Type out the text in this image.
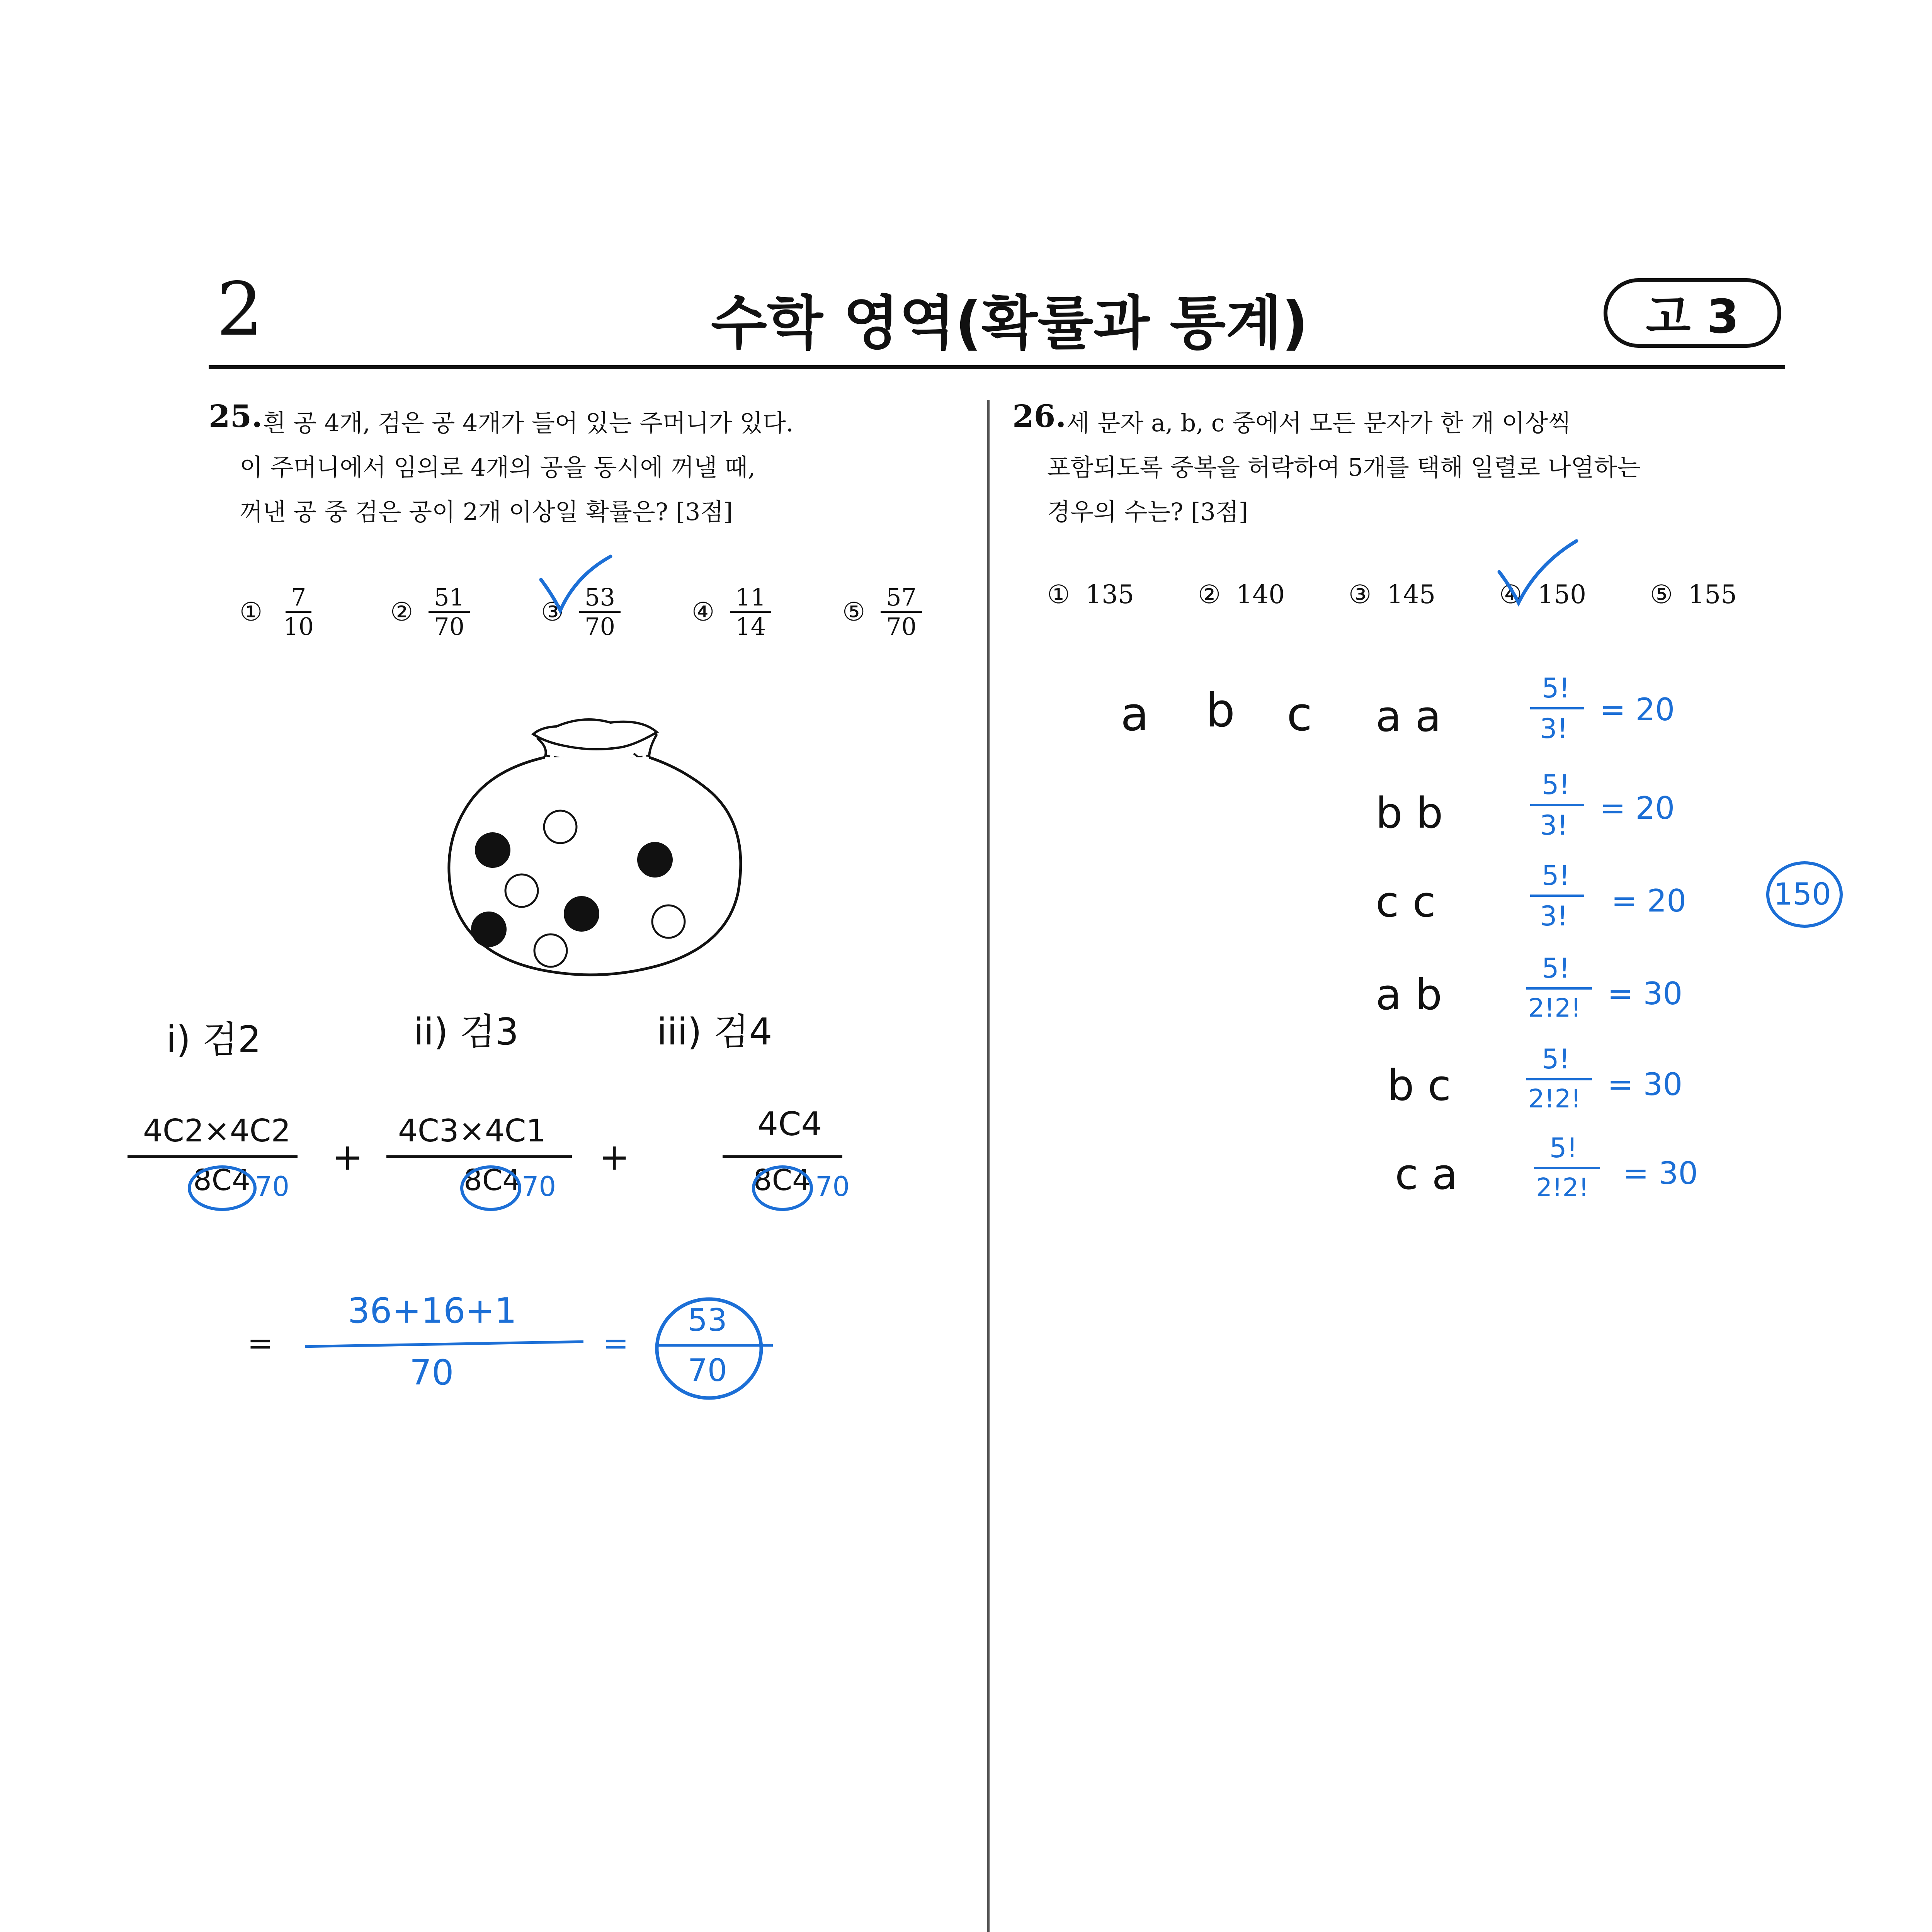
2	수학 영역(확률과 통계)	고 3
25. 흰 공 4개, 검은 공 4개가 들어 있는 주머니가 있다.
이 주머니에서 임의로 4개의 공을 동시에 꺼낼 때,
꺼낸 공 중 검은 공이 2개 이상일 확률은? [3점]
① $\frac{7}{10}$	② $\frac{51}{70}$	③ $\frac{53}{70}$	④ $\frac{11}{14}$	⑤ $\frac{57}{70}$
i) 검2	ii) 검3	iii) 검4
4C2×4C2
8C4 70
+
4C3×4C1
8C4 70
+
4C4
8C4 70
=
36+16+1
70
=
53
70
26. 세 문자 a, b, c 중에서 모든 문자가 한 개 이상씩
포함되도록 중복을 허락하여 5개를 택해 일렬로 나열하는
경우의 수는? [3점]
① 135 ② 140 ③ 145 ④ 150 ⑤ 155
a b c a a
5!
3!
= 20
b b
5!
3! = 20
c c
5!
3! = 20
a b
5!
2!2! = 30
b c
5!
2!2! = 30
c a
5!
2!2! = 30
150
